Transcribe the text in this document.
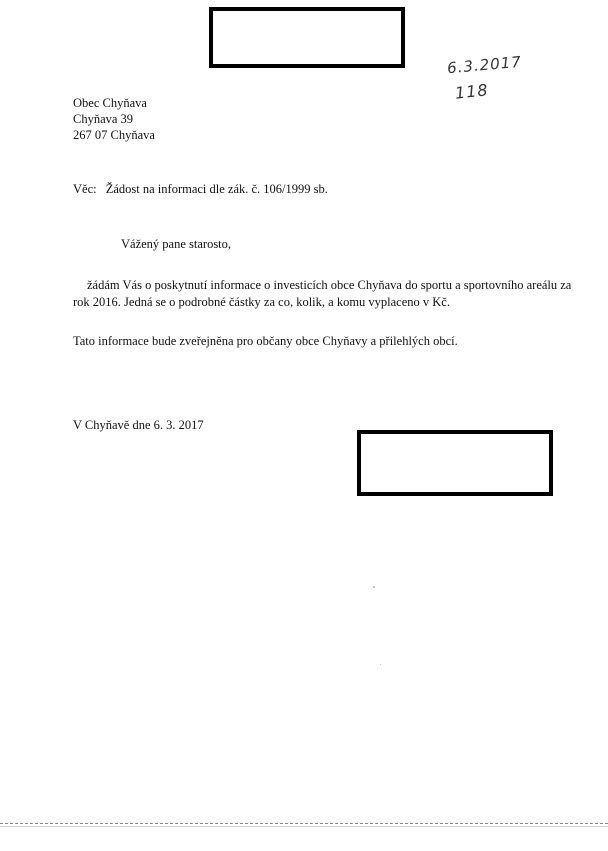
6.3.2017
118
Obec Chyňava
Chyňava 39
267 07 Chyňava
Věc: Žádost na informaci dle zák. č. 106/1999 sb.
Vážený pane starosto,
žádám Vás o poskytnutí informace o investicích obce Chyňava do sportu a sportovního areálu za
rok 2016. Jedná se o podrobné částky za co, kolik, a komu vyplaceno v Kč.
Tato informace bude zveřejněna pro občany obce Chyňavy a přilehlých obcí.
V Chyňavě dne 6. 3. 2017
